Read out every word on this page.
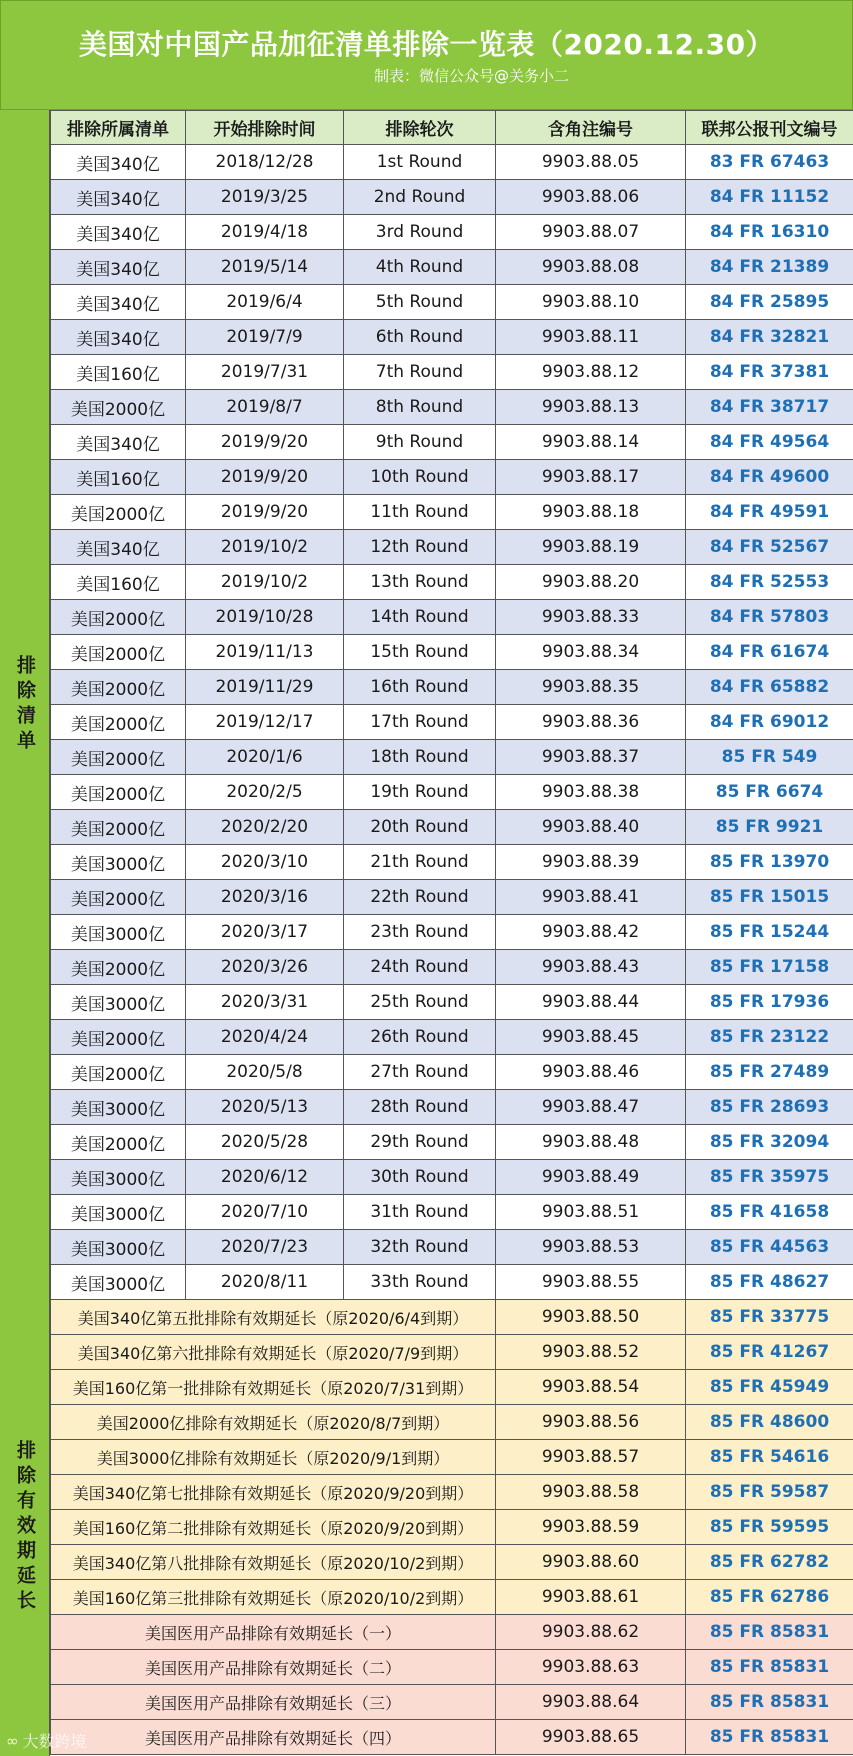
美国对中国产品加征清单排除一览表（2020.12.30）
制表：微信公众号@关务小二
排除清单
排除有效期延长
排除所属清单	开始排除时间	排除轮次	含角注编号	联邦公报刊文编号
美国340亿	2018/12/28	1st Round	9903.88.05	83 FR 67463
美国340亿	2019/3/25	2nd Round	9903.88.06	84 FR 11152
美国340亿	2019/4/18	3rd Round	9903.88.07	84 FR 16310
美国340亿	2019/5/14	4th Round	9903.88.08	84 FR 21389
美国340亿	2019/6/4	5th Round	9903.88.10	84 FR 25895
美国340亿	2019/7/9	6th Round	9903.88.11	84 FR 32821
美国160亿	2019/7/31	7th Round	9903.88.12	84 FR 37381
美国2000亿	2019/8/7	8th Round	9903.88.13	84 FR 38717
美国340亿	2019/9/20	9th Round	9903.88.14	84 FR 49564
美国160亿	2019/9/20	10th Round	9903.88.17	84 FR 49600
美国2000亿	2019/9/20	11th Round	9903.88.18	84 FR 49591
美国340亿	2019/10/2	12th Round	9903.88.19	84 FR 52567
美国160亿	2019/10/2	13th Round	9903.88.20	84 FR 52553
美国2000亿	2019/10/28	14th Round	9903.88.33	84 FR 57803
美国2000亿	2019/11/13	15th Round	9903.88.34	84 FR 61674
美国2000亿	2019/11/29	16th Round	9903.88.35	84 FR 65882
美国2000亿	2019/12/17	17th Round	9903.88.36	84 FR 69012
美国2000亿	2020/1/6	18th Round	9903.88.37	85 FR 549
美国2000亿	2020/2/5	19th Round	9903.88.38	85 FR 6674
美国2000亿	2020/2/20	20th Round	9903.88.40	85 FR 9921
美国3000亿	2020/3/10	21th Round	9903.88.39	85 FR 13970
美国2000亿	2020/3/16	22th Round	9903.88.41	85 FR 15015
美国3000亿	2020/3/17	23th Round	9903.88.42	85 FR 15244
美国2000亿	2020/3/26	24th Round	9903.88.43	85 FR 17158
美国3000亿	2020/3/31	25th Round	9903.88.44	85 FR 17936
美国2000亿	2020/4/24	26th Round	9903.88.45	85 FR 23122
美国2000亿	2020/5/8	27th Round	9903.88.46	85 FR 27489
美国3000亿	2020/5/13	28th Round	9903.88.47	85 FR 28693
美国2000亿	2020/5/28	29th Round	9903.88.48	85 FR 32094
美国3000亿	2020/6/12	30th Round	9903.88.49	85 FR 35975
美国3000亿	2020/7/10	31th Round	9903.88.51	85 FR 41658
美国3000亿	2020/7/23	32th Round	9903.88.53	85 FR 44563
美国3000亿	2020/8/11	33th Round	9903.88.55	85 FR 48627
美国340亿第五批排除有效期延长（原2020/6/4到期）			9903.88.50	85 FR 33775
美国340亿第六批排除有效期延长（原2020/7/9到期）			9903.88.52	85 FR 41267
美国160亿第一批排除有效期延长（原2020/7/31到期）			9903.88.54	85 FR 45949
美国2000亿排除有效期延长（原2020/8/7到期）			9903.88.56	85 FR 48600
美国3000亿排除有效期延长（原2020/9/1到期）			9903.88.57	85 FR 54616
美国340亿第七批排除有效期延长（原2020/9/20到期）			9903.88.58	85 FR 59587
美国160亿第二批排除有效期延长（原2020/9/20到期）			9903.88.59	85 FR 59595
美国340亿第八批排除有效期延长（原2020/10/2到期）			9903.88.60	85 FR 62782
美国160亿第三批排除有效期延长（原2020/10/2到期）			9903.88.61	85 FR 62786
美国医用产品排除有效期延长（一）			9903.88.62	85 FR 85831
美国医用产品排除有效期延长（二）			9903.88.63	85 FR 85831
美国医用产品排除有效期延长（三）			9903.88.64	85 FR 85831
美国医用产品排除有效期延长（四）			9903.88.65	85 FR 85831
∞ 大数跨境
